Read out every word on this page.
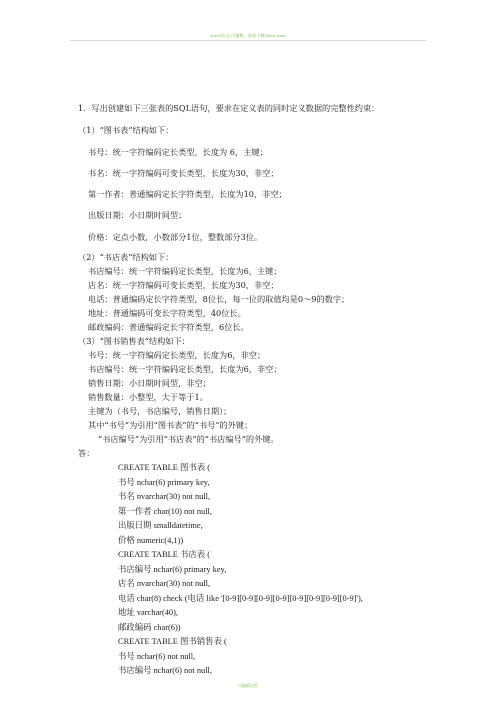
word范文/可编辑，欢迎下载/Welcome
1．写出创建如下三张表的SQL语句，要求在定义表的同时定义数据的完整性约束：
（1）“图书表”结构如下：
书号：统一字符编码定长类型，长度为 6，主键；
书名：统一字符编码可变长类型，长度为30，非空；
第一作者：普通编码定长字符类型，长度为10，非空；
出版日期：小日期时间型；
价格：定点小数，小数部分1位，整数部分3位。
（2）“书店表”结构如下：
书店编号：统一字符编码定长类型，长度为6，主键；
店名：统一字符编码可变长类型，长度为30，非空；
电话：普通编码定长字符类型，8位长，每一位的取值均是0～9的数字；
地址：普通编码可变长字符类型，40位长。
邮政编码：普通编码定长字符类型，6位长。
（3）“图书销售表”结构如下：
书号：统一字符编码定长类型，长度为6，非空；
书店编号：统一字符编码定长类型，长度为6，非空；
销售日期：小日期时间型，非空；
销售数量：小整型，大于等于1。
主键为（书号，书店编号，销售日期）；
其中“书号”为引用“图书表”的“书号”的外键；
“书店编号”为引用“书店表”的“书店编号”的外键。
答：
CREATE TABLE 图书表 (
书号 nchar(6) primary key,
书名 nvarchar(30) not null,
第一作者 char(10) not null,
出版日期 smalldatetime,
价格 numeric(4,1))
CREATE TABLE 书店表 (
书店编号 nchar(6) primary key,
店名 nvarchar(30) not null,
电话 char(8) check (电话 like '[0-9][0-9][0-9][0-9][0-9][0-9][0-9][0-9]'),
地址 varchar(40),
邮政编码 char(6))
CREATE TABLE 图书销售表 (
书号 nchar(6) not null,
书店编号 nchar(6) not null,
可编辑文档
